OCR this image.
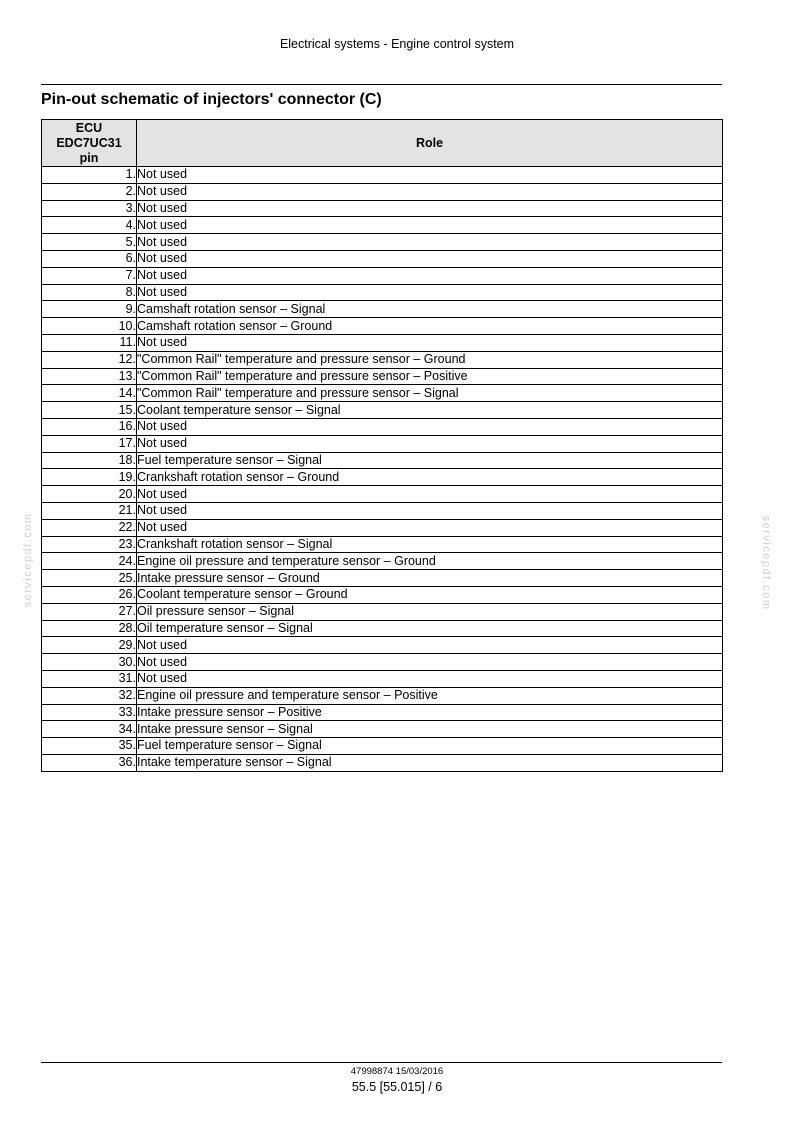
Electrical systems - Engine control system
Pin-out schematic of injectors' connector (C)
ECU
EDC7UC31
pin	Role
1.	Not used
2.	Not used
3.	Not used
4.	Not used
5.	Not used
6.	Not used
7.	Not used
8.	Not used
9.	Camshaft rotation sensor – Signal
10.	Camshaft rotation sensor – Ground
11.	Not used
12.	"Common Rail" temperature and pressure sensor – Ground
13.	"Common Rail" temperature and pressure sensor – Positive
14.	"Common Rail" temperature and pressure sensor – Signal
15.	Coolant temperature sensor – Signal
16.	Not used
17.	Not used
18.	Fuel temperature sensor – Signal
19.	Crankshaft rotation sensor – Ground
20.	Not used
21.	Not used
22.	Not used
23.	Crankshaft rotation sensor – Signal
24.	Engine oil pressure and temperature sensor – Ground
25.	Intake pressure sensor – Ground
26.	Coolant temperature sensor – Ground
27.	Oil pressure sensor – Signal
28.	Oil temperature sensor – Signal
29.	Not used
30.	Not used
31.	Not used
32.	Engine oil pressure and temperature sensor – Positive
33.	Intake pressure sensor – Positive
34.	Intake pressure sensor – Signal
35.	Fuel temperature sensor – Signal
36.	Intake temperature sensor – Signal
47998874 15/03/2016
55.5 [55.015] / 6
servicepdf.com	servicepdf.com
